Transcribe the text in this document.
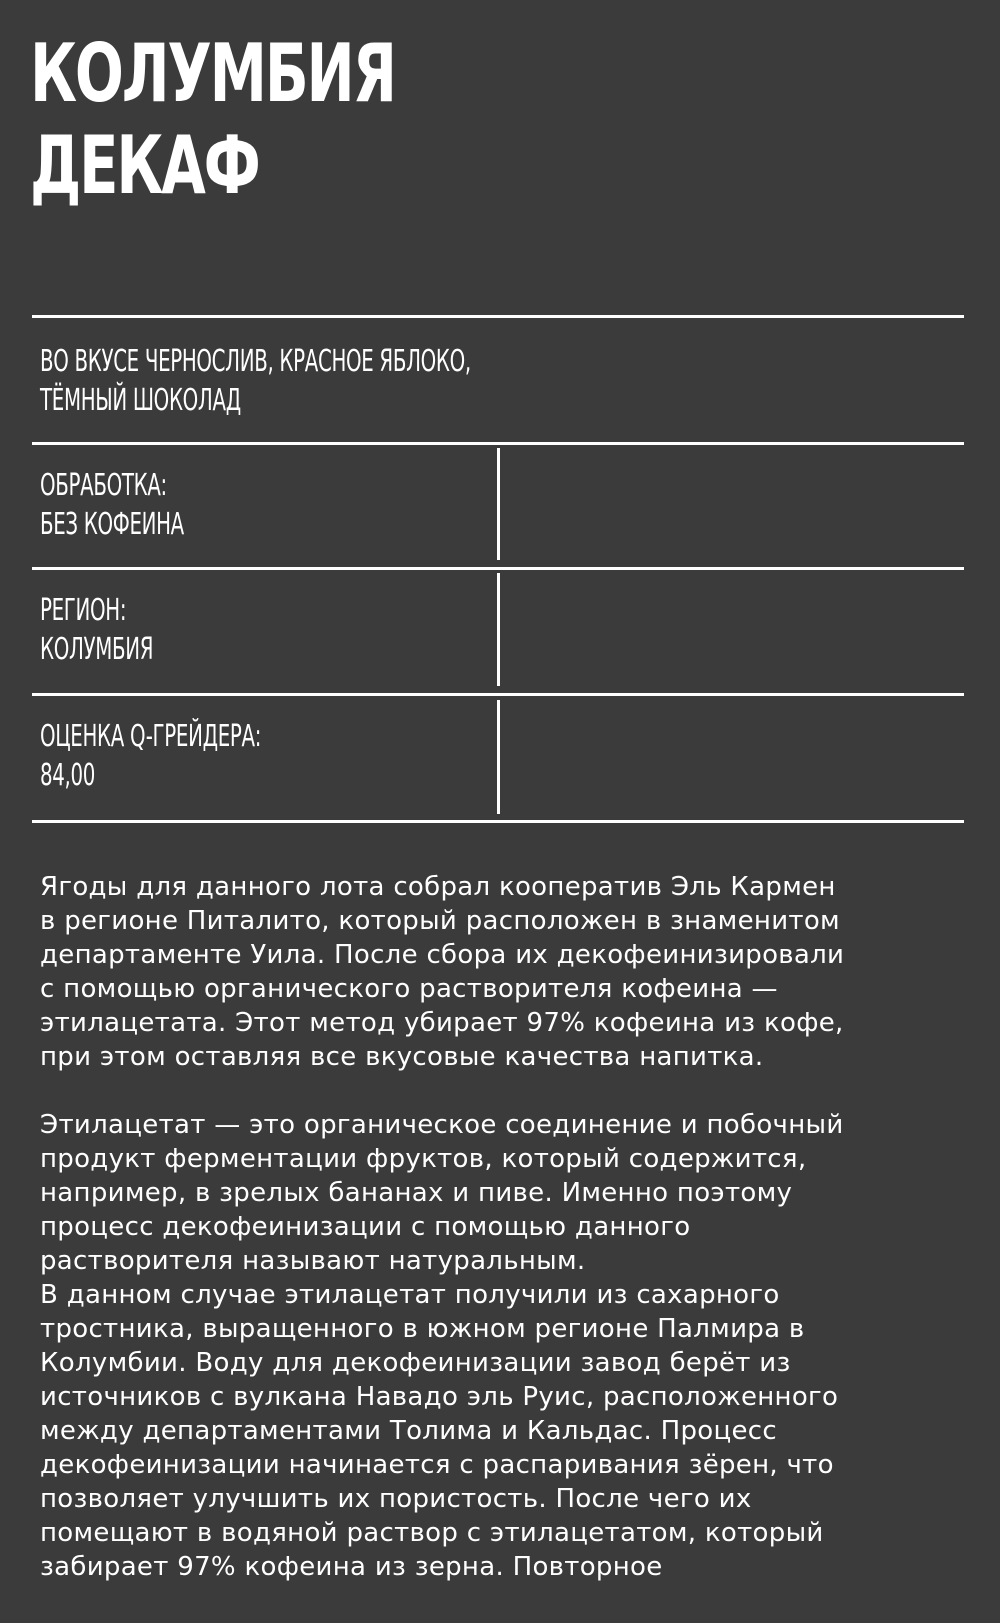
КОЛУМБИЯ
ДЕКАФ
ВО ВКУСЕ ЧЕРНОСЛИВ, КРАСНОЕ ЯБЛОКО,
ТЁМНЫЙ ШОКОЛАД
ОБРАБОТКА:
БЕЗ КОФЕИНА
РЕГИОН:
КОЛУМБИЯ
ОЦЕНКА Q-ГРЕЙДЕРА:
84,00

Ягоды для данного лота собрал кооператив Эль Кармен
в регионе Питалито, который расположен в знаменитом
департаменте Уила. После сбора их декофеинизировали
с помощью органического растворителя кофеина —
этилацетата. Этот метод убирает 97% кофеина из кофе,
при этом оставляя все вкусовые качества напитка.

Этилацетат — это органическое соединение и побочный
продукт ферментации фруктов, который содержится,
например, в зрелых бананах и пиве. Именно поэтому
процесс декофеинизации с помощью данного
растворителя называют натуральным.

В данном случае этилацетат получили из сахарного
тростника, выращенного в южном регионе Палмира в
Колумбии. Воду для декофеинизации завод берёт из
источников с вулкана Навадо эль Руис, расположенного
между департаментами Толима и Кальдас. Процесс
декофеинизации начинается с распаривания зёрен, что
позволяет улучшить их пористость. После чего их
помещают в водяной раствор с этилацетатом, который
забирает 97% кофеина из зерна. Повторное
